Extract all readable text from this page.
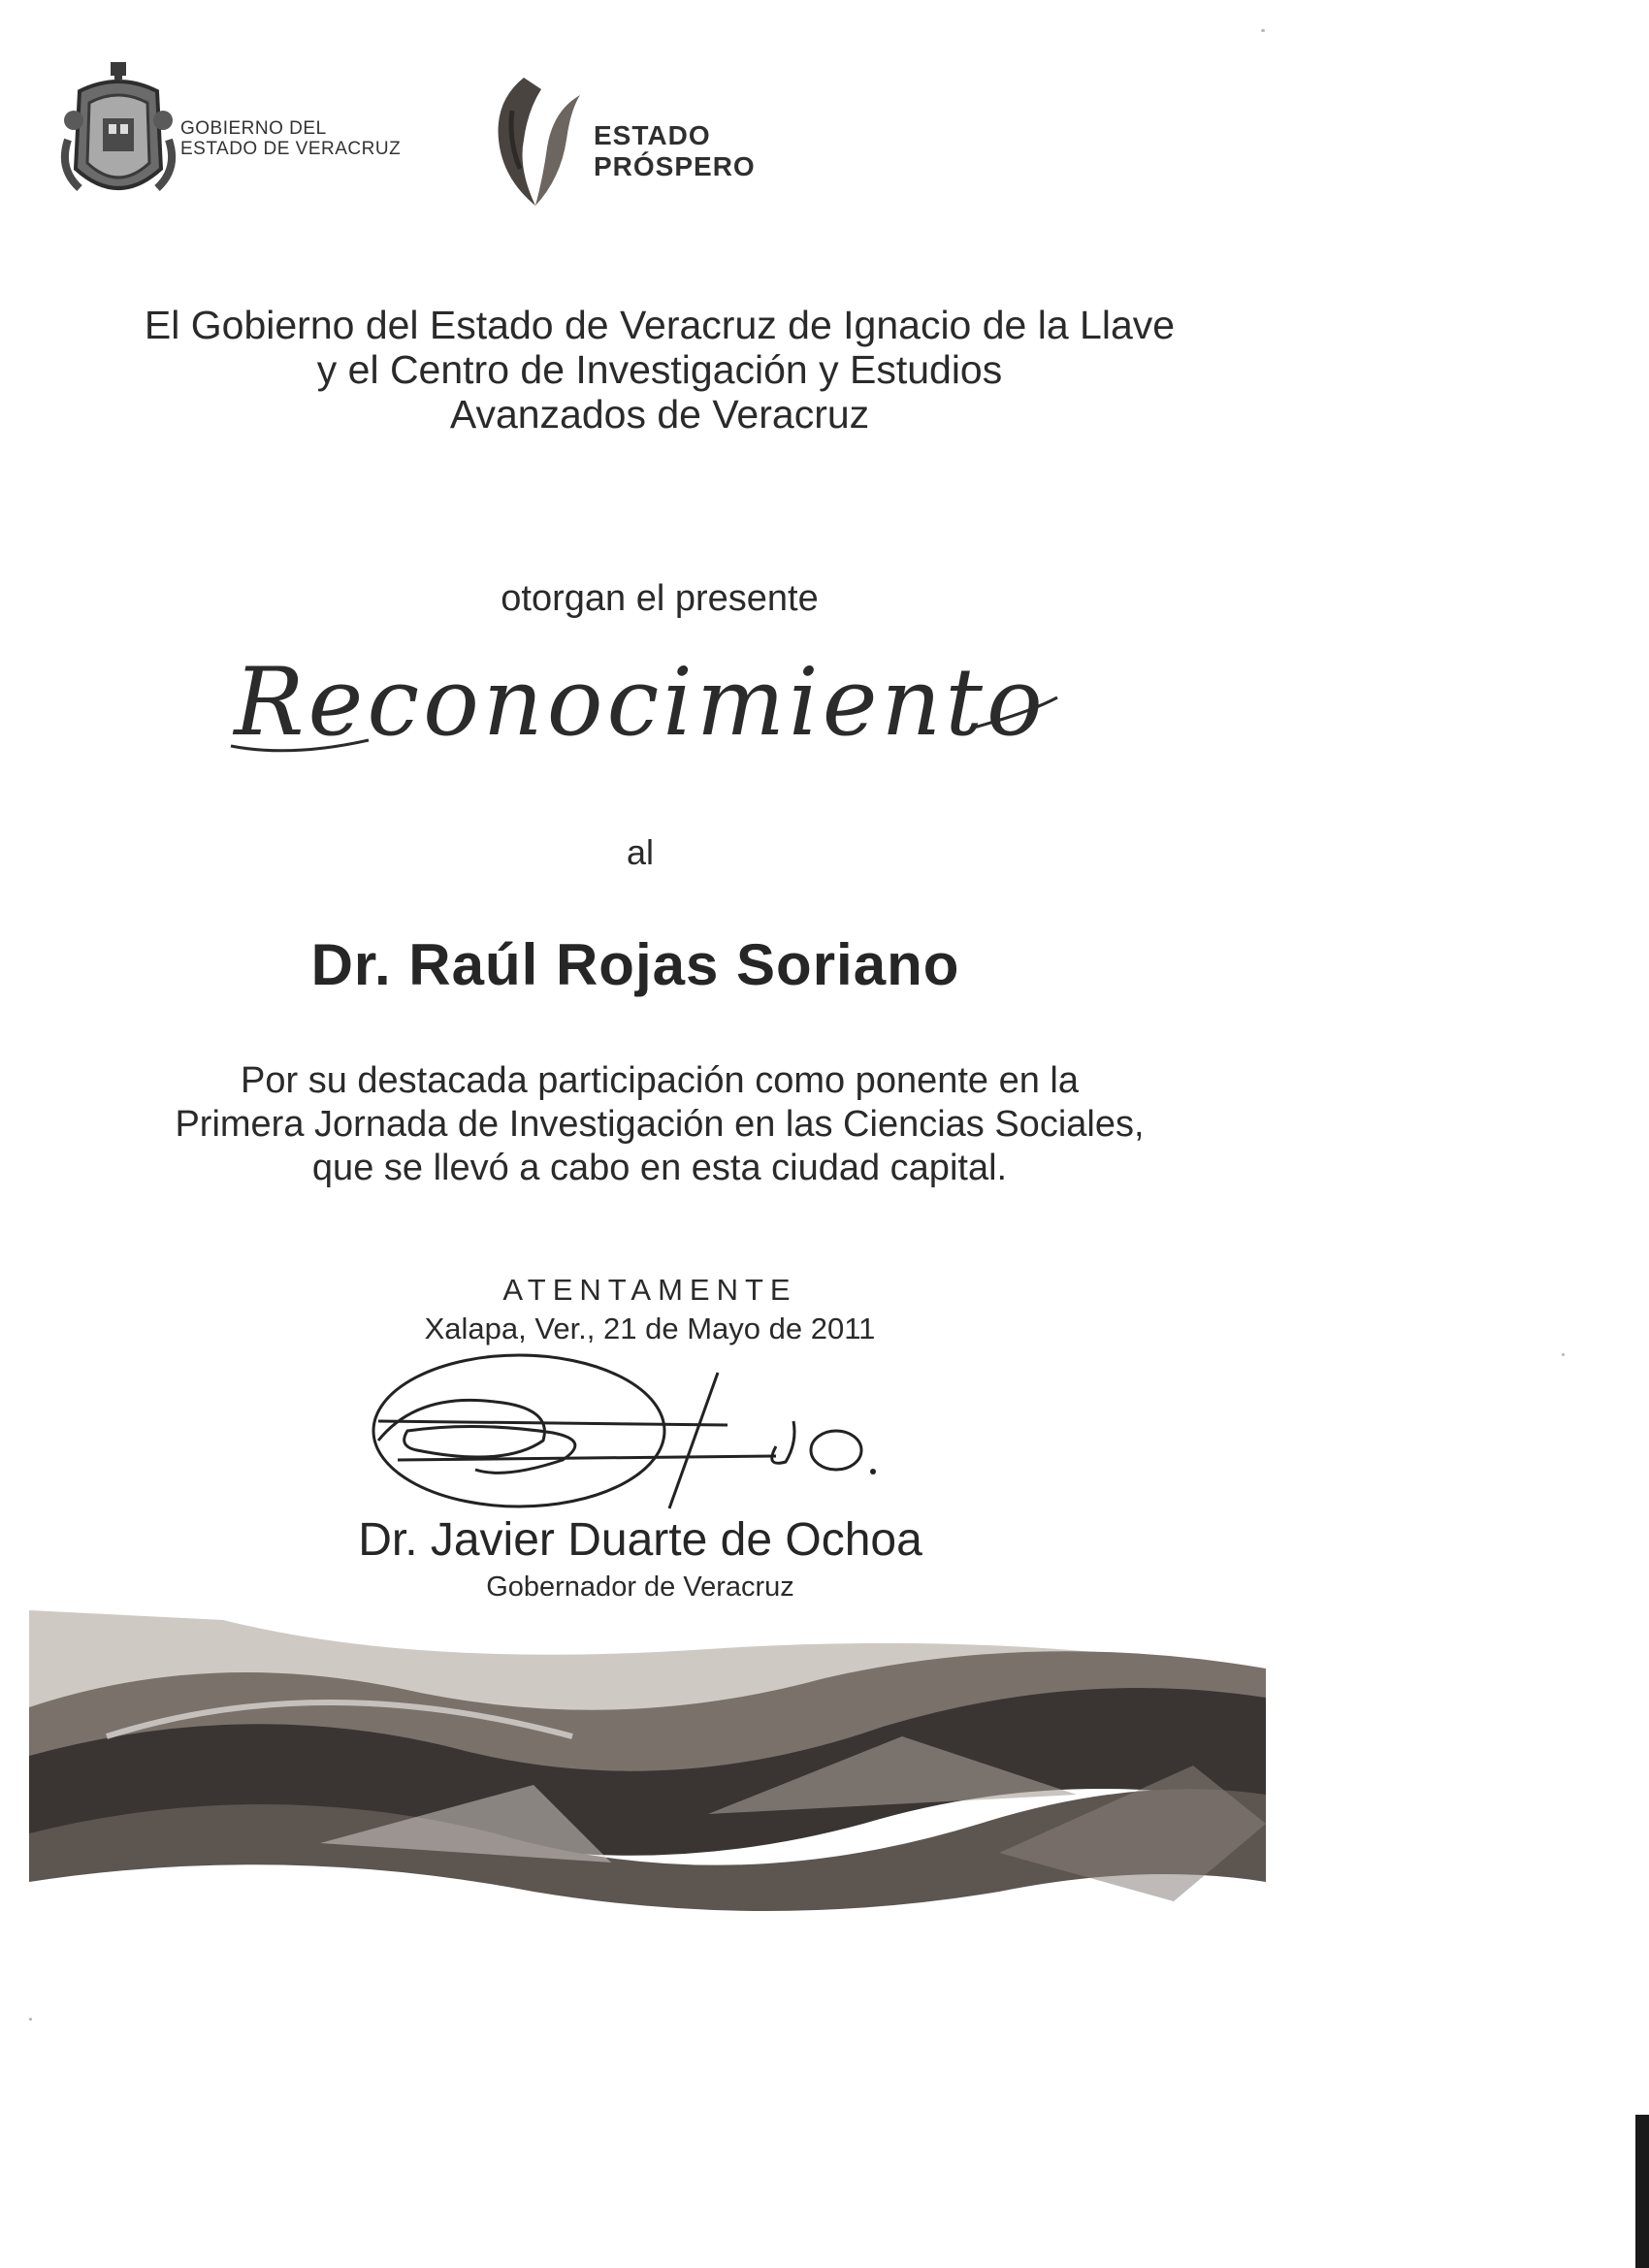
GOBIERNO DEL
ESTADO DE VERACRUZ	ESTADO
PRÓSPERO
El Gobierno del Estado de Veracruz de Ignacio de la Llave
y el Centro de Investigación y Estudios
Avanzados de Veracruz
otorgan el presente
Reconocimiento
al
Dr. Raúl Rojas Soriano
Por su destacada participación como ponente en la
Primera Jornada de Investigación en las Ciencias Sociales,
que se llevó a cabo en esta ciudad capital.
ATENTAMENTE
Xalapa, Ver., 21 de Mayo de 2011
Dr. Javier Duarte de Ochoa
Gobernador de Veracruz
